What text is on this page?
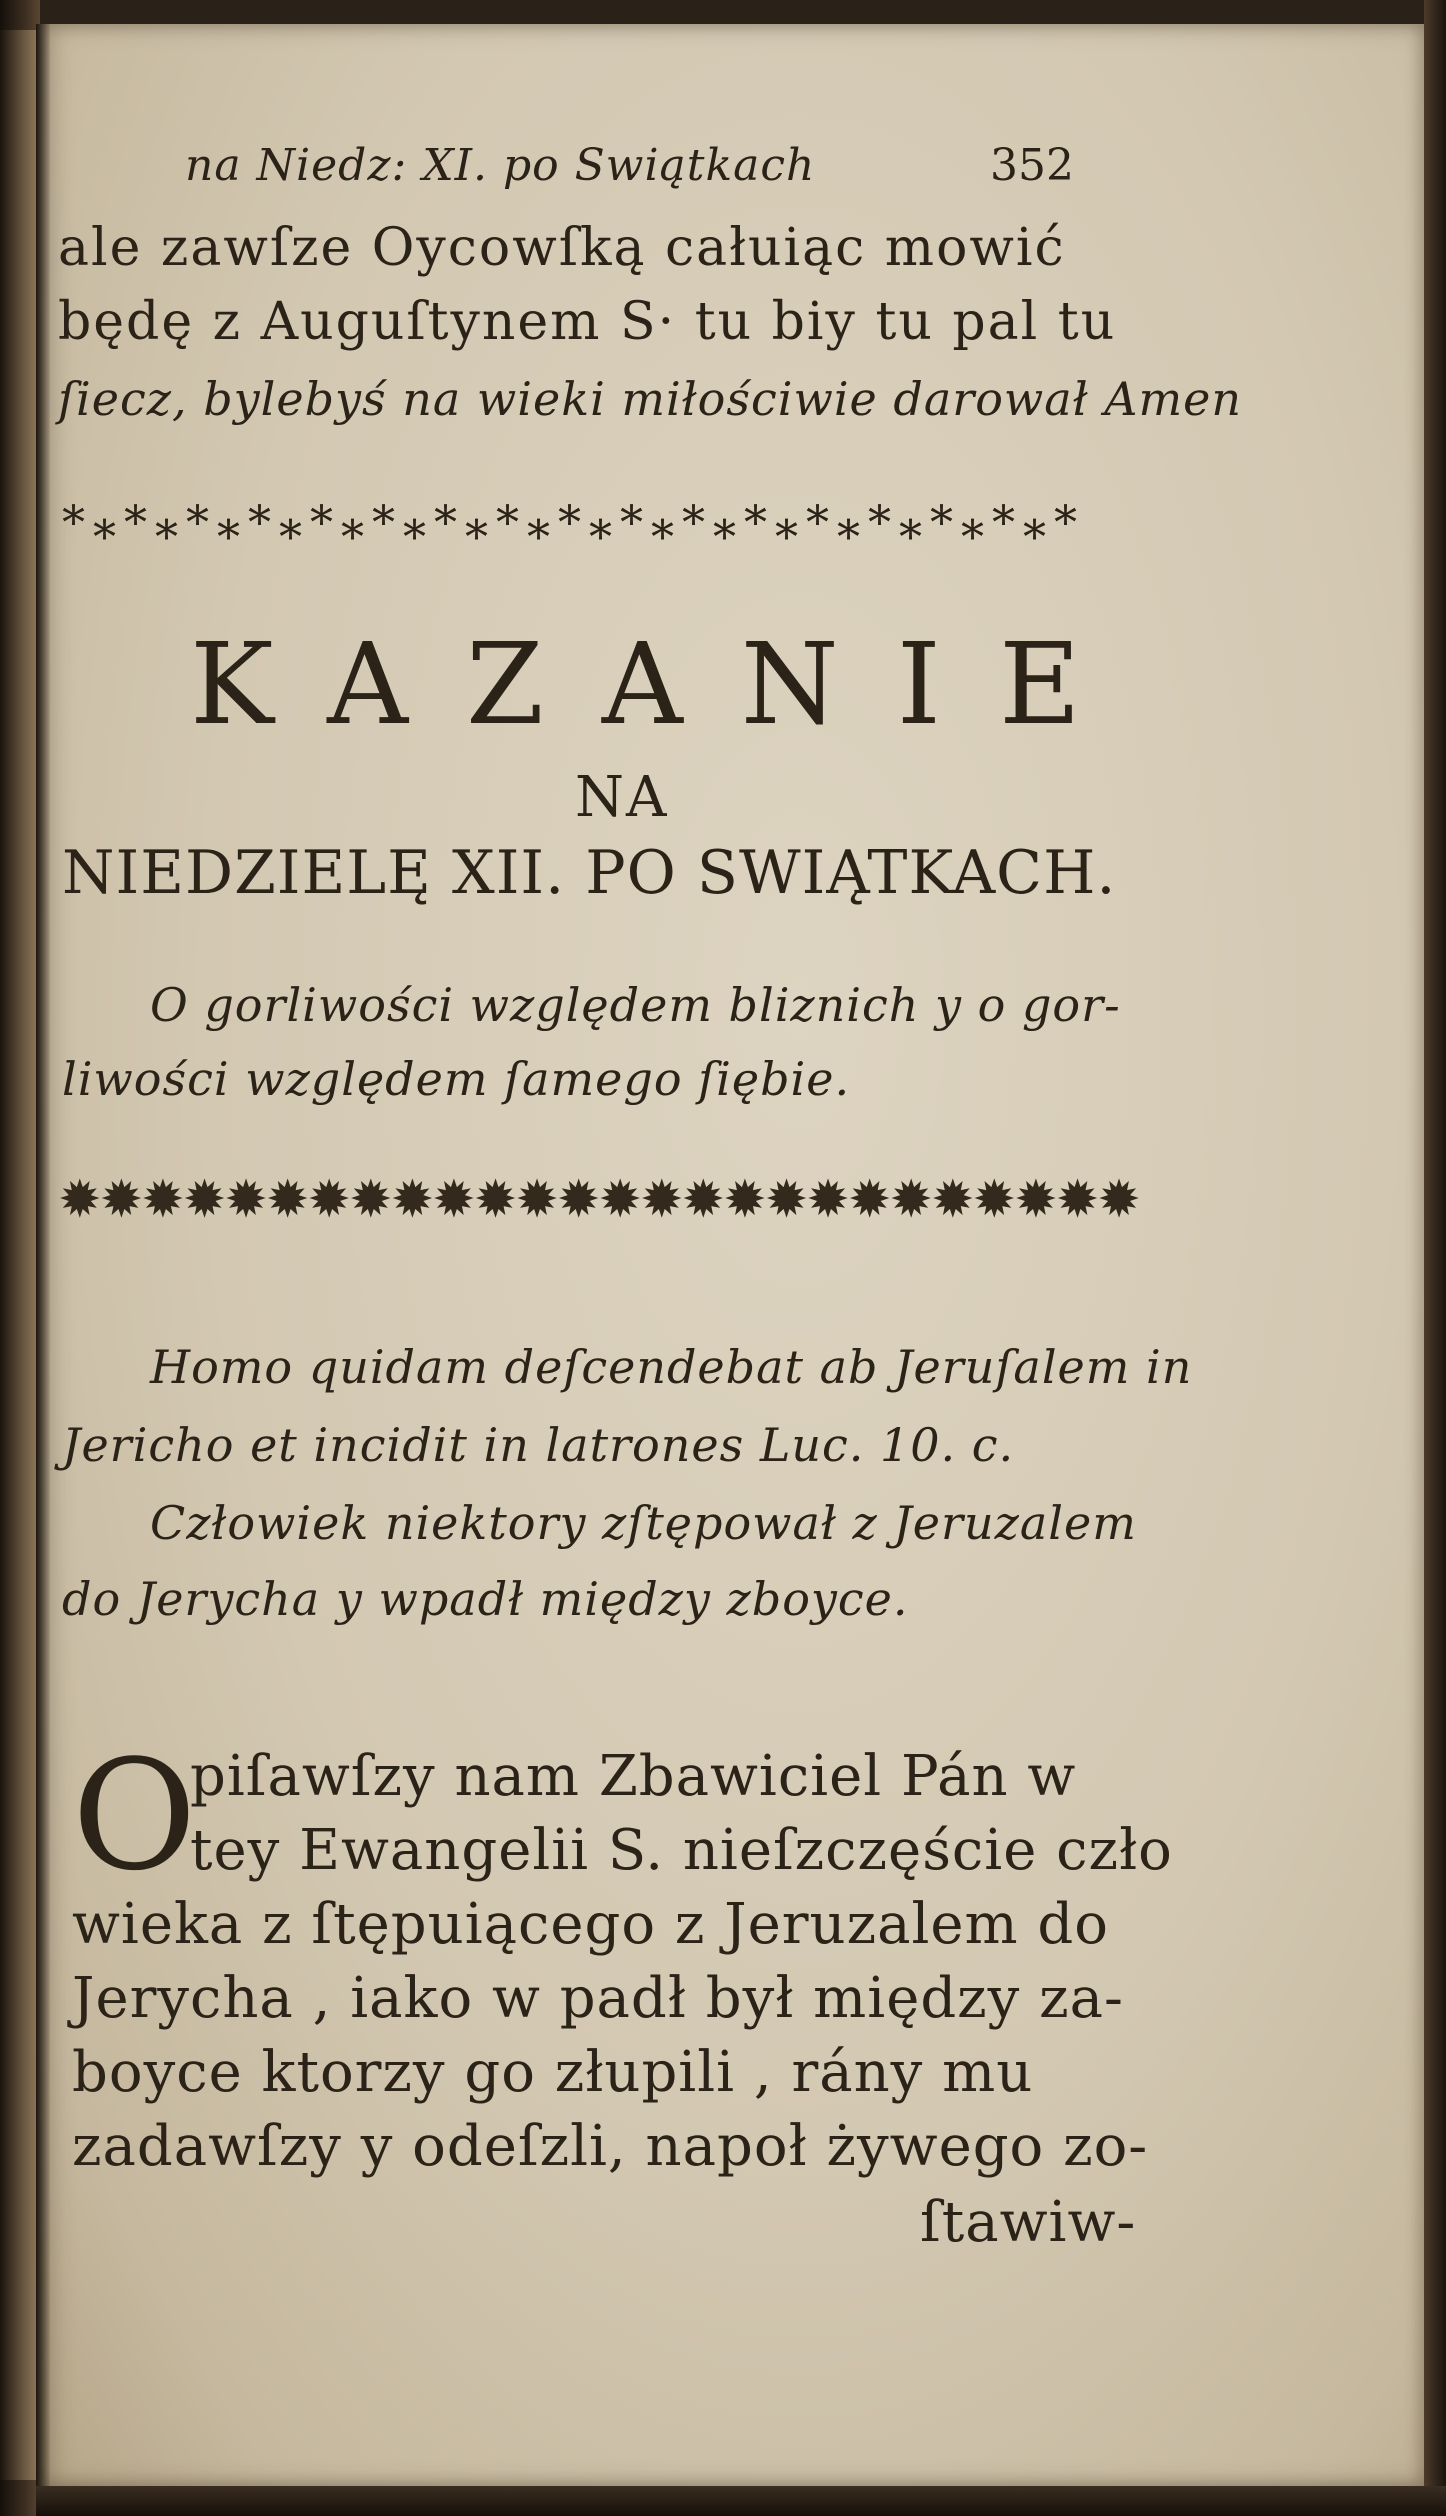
na Niedz: XI. po Swiątkach	352
ale zawſze Oycowſką całuiąc mowić
będę z Auguſtynem S· tu biy tu pal tu
ſiecz, bylebyś na wieki miłościwie darował Amen
*⁎*⁎*⁎*⁎*⁎*⁎*⁎*⁎*⁎*⁎*⁎*⁎*⁎*⁎*⁎*⁎*
KAZANIE
NA
NIEDZIELĘ XII. PO SWIĄTKACH.
O gorliwości względem bliznich y o gor-
liwości względem ſamego ſiębie.
✹✹✹✹✹✹✹✹✹✹✹✹✹✹✹✹✹✹✹✹✹✹✹✹✹✹
Homo quidam deſcendebat ab Jeruſalem in
Jericho et incidit in latrones Luc. 10. c.
Człowiek niektory zſtępował z Jeruzalem
do Jerycha y wpadł między zboyce.
O
piſawſzy nam Zbawiciel Pán w
tey Ewangelii S. nieſzczęście czło
wieka z ſtępuiącego z Jeruzalem do
Jerycha , iako w padł był między za-
boyce ktorzy go złupili , rány mu
zadawſzy y odeſzli, napoł żywego zo-
ſtawiw-
